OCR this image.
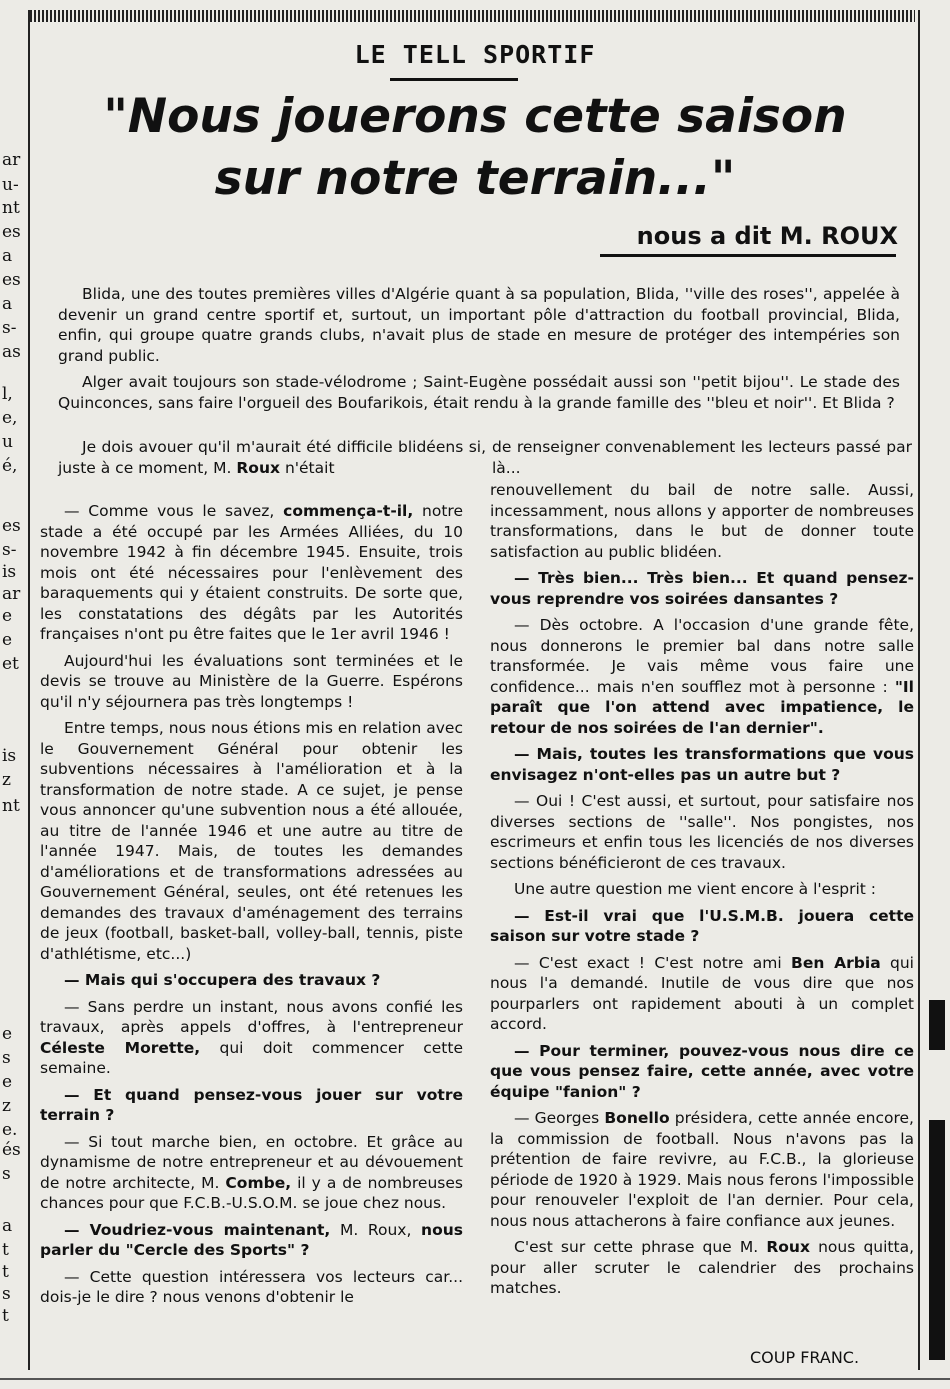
ar
u-
nt
es
a
es
a
s-
as
l,
e,
u
é,
es
s-
is
ar
e
e
et
is
z
nt
e
s
e
z
e.
és
s
a
t
t
s
t
LE TELL SPORTIF
"Nous jouerons cette saison
sur notre terrain..."
nous a dit M. ROUX

Blida, une des toutes premières villes d'Algérie quant à sa population, Blida, ''ville des roses'', appelée à devenir un grand centre sportif et, surtout, un important pôle d'attraction du football provincial, Blida, enfin, qui groupe quatre grands clubs, n'avait plus de stade en mesure de protéger des intempéries son grand public.

Alger avait toujours son stade-vélodrome ; Saint-Eugène possédait aussi son ''petit bijou''. Le stade des Quinconces, sans faire l'orgueil des Boufarikois, était rendu à la grande famille des ''bleu et noir''. Et Blida ?

Je dois avouer qu'il m'aurait été difficile blidéens si, juste à ce moment, M. Roux n'était

de renseigner convenablement les lecteurs passé par là...

— Comme vous le savez, commença-t-il, notre stade a été occupé par les Armées Alliées, du 10 novembre 1942 à fin décembre 1945. Ensuite, trois mois ont été nécessaires pour l'enlèvement des baraquements qui y étaient construits. De sorte que, les constatations des dégâts par les Autorités françaises n'ont pu être faites que le 1er avril 1946 !

Aujourd'hui les évaluations sont terminées et le devis se trouve au Ministère de la Guerre. Espérons qu'il n'y séjournera pas très longtemps !

Entre temps, nous nous étions mis en relation avec le Gouvernement Général pour obtenir les subventions nécessaires à l'amélioration et à la transformation de notre stade. A ce sujet, je pense vous annoncer qu'une subvention nous a été allouée, au titre de l'année 1946 et une autre au titre de l'année 1947. Mais, de toutes les demandes d'améliorations et de transformations adressées au Gouvernement Général, seules, ont été retenues les demandes des travaux d'aménagement des terrains de jeux (football, basket-ball, volley-ball, tennis, piste d'athlétisme, etc...)

— Mais qui s'occupera des travaux ?

— Sans perdre un instant, nous avons confié les travaux, après appels d'offres, à l'entrepreneur Céleste Morette, qui doit commencer cette semaine.

— Et quand pensez-vous jouer sur votre terrain ?

— Si tout marche bien, en octobre. Et grâce au dynamisme de notre entrepreneur et au dévouement de notre architecte, M. Combe, il y a de nombreuses chances pour que F.C.B.-U.S.O.M. se joue chez nous.

— Voudriez-vous maintenant, M. Roux, nous parler du "Cercle des Sports" ?

— Cette question intéressera vos lecteurs car... dois-je le dire ? nous venons d'obtenir le

renouvellement du bail de notre salle. Aussi, incessamment, nous allons y apporter de nombreuses transformations, dans le but de donner toute satisfaction au public blidéen.

— Très bien... Très bien... Et quand pensez-vous reprendre vos soirées dansantes ?

— Dès octobre. A l'occasion d'une grande fête, nous donnerons le premier bal dans notre salle transformée. Je vais même vous faire une confidence... mais n'en soufflez mot à personne : "Il paraît que l'on attend avec impatience, le retour de nos soirées de l'an dernier".

— Mais, toutes les transformations que vous envisagez n'ont-elles pas un autre but ?

— Oui ! C'est aussi, et surtout, pour satisfaire nos diverses sections de ''salle''. Nos pongistes, nos escrimeurs et enfin tous les licenciés de nos diverses sections bénéficieront de ces travaux.

Une autre question me vient encore à l'esprit :

— Est-il vrai que l'U.S.M.B. jouera cette saison sur votre stade ?

— C'est exact ! C'est notre ami Ben Arbia qui nous l'a demandé. Inutile de vous dire que nos pourparlers ont rapidement abouti à un complet accord.

— Pour terminer, pouvez-vous nous dire ce que vous pensez faire, cette année, avec votre équipe "fanion" ?

— Georges Bonello présidera, cette année encore, la commission de football. Nous n'avons pas la prétention de faire revivre, au F.C.B., la glorieuse période de 1920 à 1929. Mais nous ferons l'impossible pour renouveler l'exploit de l'an dernier. Pour cela, nous nous attacherons à faire confiance aux jeunes.

C'est sur cette phrase que M. Roux nous quitta, pour aller scruter le calendrier des prochains matches.

COUP FRANC.
